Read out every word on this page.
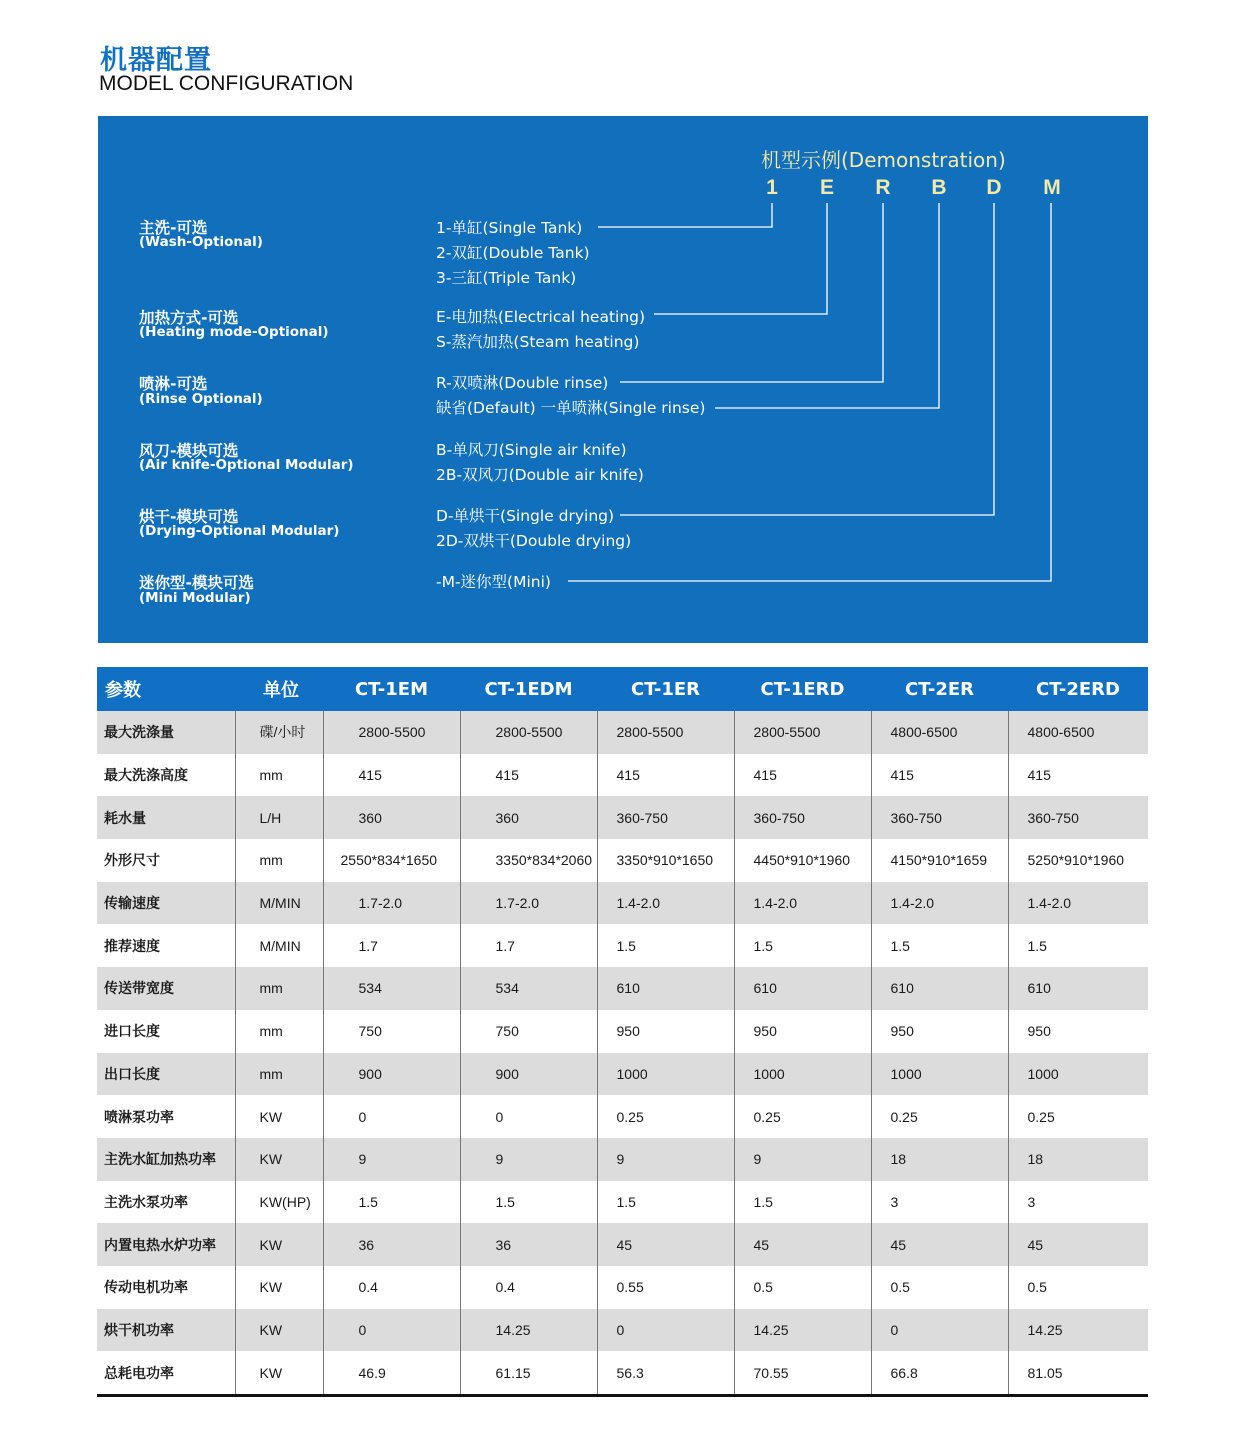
机器配置
MODEL CONFIGURATION
机型示例(Demonstration)
1 E R B D M
主洗-可选
(Wash-Optional)
1-单缸(Single Tank)
2-双缸(Double Tank)
3-三缸(Triple Tank)
加热方式-可选
(Heating mode-Optional)
E-电加热(Electrical heating)
S-蒸汽加热(Steam heating)
喷淋-可选
(Rinse Optional)
R-双喷淋(Double rinse)
缺省(Default) 一单喷淋(Single rinse)
风刀-模块可选
(Air knife-Optional Modular)
B-单风刀(Single air knife)
2B-双风刀(Double air knife)
烘干-模块可选
(Drying-Optional Modular)
D-单烘干(Single drying)
2D-双烘干(Double drying)
迷你型-模块可选
(Mini Modular)
-M-迷你型(Mini)
参数	单位	CT-1EM	CT-1EDM	CT-1ER	CT-1ERD	CT-2ER	CT-2ERD
最大洗涤量	碟/小时	2800-5500	2800-5500	2800-5500	2800-5500	4800-6500	4800-6500
最大洗涤高度	mm	415	415	415	415	415	415
耗水量	L/H	360	360	360-750	360-750	360-750	360-750
外形尺寸	mm	2550*834*1650	3350*834*2060	3350*910*1650	4450*910*1960	4150*910*1659	5250*910*1960
传输速度	M/MIN	1.7-2.0	1.7-2.0	1.4-2.0	1.4-2.0	1.4-2.0	1.4-2.0
推荐速度	M/MIN	1.7	1.7	1.5	1.5	1.5	1.5
传送带宽度	mm	534	534	610	610	610	610
进口长度	mm	750	750	950	950	950	950
出口长度	mm	900	900	1000	1000	1000	1000
喷淋泵功率	KW	0	0	0.25	0.25	0.25	0.25
主洗水缸加热功率	KW	9	9	9	9	18	18
主洗水泵功率	KW(HP)	1.5	1.5	1.5	1.5	3	3
内置电热水炉功率	KW	36	36	45	45	45	45
传动电机功率	KW	0.4	0.4	0.55	0.5	0.5	0.5
烘干机功率	KW	0	14.25	0	14.25	0	14.25
总耗电功率	KW	46.9	61.15	56.3	70.55	66.8	81.05
